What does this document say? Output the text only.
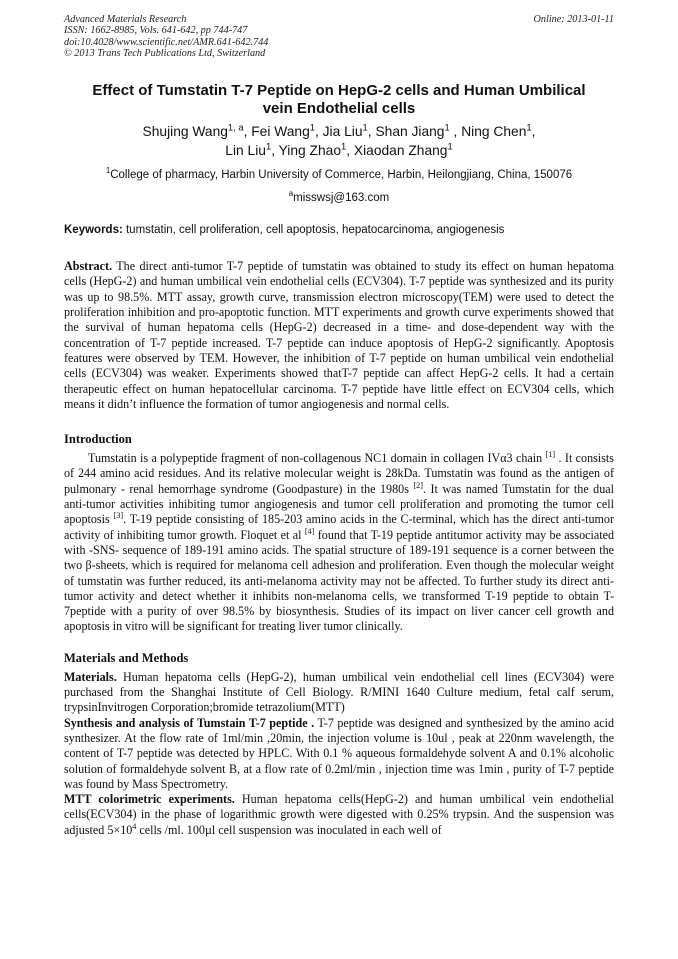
Advanced Materials Research
ISSN: 1662-8985, Vols. 641-642, pp 744-747
doi:10.4028/www.scientific.net/AMR.641-642.744
© 2013 Trans Tech Publications Ltd, Switzerland
Online: 2013-01-11
Effect of Tumstatin T-7 Peptide on HepG-2 cells and Human Umbilical
vein Endothelial cells
Shujing Wang$^{1, a}$, Fei Wang$^1$, Jia Liu$^1$, Shan Jiang$^1$ , Ning Chen$^1$,
Lin Liu$^1$, Ying Zhao$^1$, Xiaodan Zhang$^1$
$^1$College of pharmacy, Harbin University of Commerce, Harbin, Heilongjiang, China, 150076
$^a$misswsj@163.com
Keywords: tumstatin, cell proliferation, cell apoptosis, hepatocarcinoma, angiogenesis

Abstract. The direct anti-tumor T-7 peptide of tumstatin was obtained to study its effect on human hepatoma cells (HepG-2) and human umbilical vein endothelial cells (ECV304). T-7 peptide was synthesized and its purity was up to 98.5%. MTT assay, growth curve, transmission electron microscopy(TEM) were used to detect the proliferation inhibition and pro-apoptotic function. MTT experiments and growth curve experiments showed that the survival of human hepatoma cells (HepG-2) decreased in a time- and dose-dependent way with the concentration of T-7 peptide increased. T-7 peptide can induce apoptosis of HepG-2 significantly. Apoptosis features were observed by TEM. However, the inhibition of T-7 peptide on human umbilical vein endothelial cells (ECV304) was weaker. Experiments showed thatT-7 peptide can affect HepG-2 cells. It had a certain therapeutic effect on human hepatocellular carcinoma. T-7 peptide have little effect on ECV304 cells, which means it didn’t influence the formation of tumor angiogenesis and normal cells.

Introduction

Tumstatin is a polypeptide fragment of non-collagenous NC1 domain in collagen IVα3 chain [1] . It consists of 244 amino acid residues. And its relative molecular weight is 28kDa. Tumstatin was found as the antigen of pulmonary - renal hemorrhage syndrome (Goodpasture) in the 1980s [2]. It was named Tumstatin for the dual anti-tumor activities inhibiting tumor angiogenesis and tumor cell proliferation and promoting the tumor cell apoptosis [3]. T-19 peptide consisting of 185-203 amino acids in the C-terminal, which has the direct anti-tumor activity of inhibiting tumor growth. Floquet et al [4] found that T-19 peptide antitumor activity may be associated with -SNS- sequence of 189-191 amino acids. The spatial structure of 189-191 sequence is a corner between the two β-sheets, which is required for melanoma cell adhesion and proliferation. Even though the molecular weight of tumstatin was further reduced, its anti-melanoma activity may not be affected. To further study its direct anti-tumor activity and detect whether it inhibits non-melanoma cells, we transformed T-19 peptide to obtain T-7peptide with a purity of over 98.5% by biosynthesis. Studies of its impact on liver cancer cell growth and apoptosis in vitro will be significant for treating liver tumor clinically.

Materials and Methods

Materials. Human hepatoma cells (HepG-2), human umbilical vein endothelial cell lines (ECV304) were purchased from the Shanghai Institute of Cell Biology. R/MINI 1640 Culture medium, fetal calf serum, trypsinInvitrogen Corporation;bromide tetrazolium(MTT)

Synthesis and analysis of Tumstain T-7 peptide . T-7 peptide was designed and synthesized by the amino acid synthesizer. At the flow rate of 1ml/min ,20min, the injection volume is 10ul , peak at 220nm wavelength, the content of T-7 peptide was detected by HPLC. With 0.1 % aqueous formaldehyde solvent A and 0.1% alcoholic solution of formaldehyde solvent B, at a flow rate of 0.2ml/min , injection time was 1min , purity of T-7 peptide was found by Mass Spectrometry.

MTT colorimetric experiments. Human hepatoma cells(HepG-2) and human umbilical vein endothelial cells(ECV304) in the phase of logarithmic growth were digested with 0.25% trypsin. And the suspension was adjusted $5\times 10^4$ cells /ml. 100µl cell suspension was inoculated in each well of
